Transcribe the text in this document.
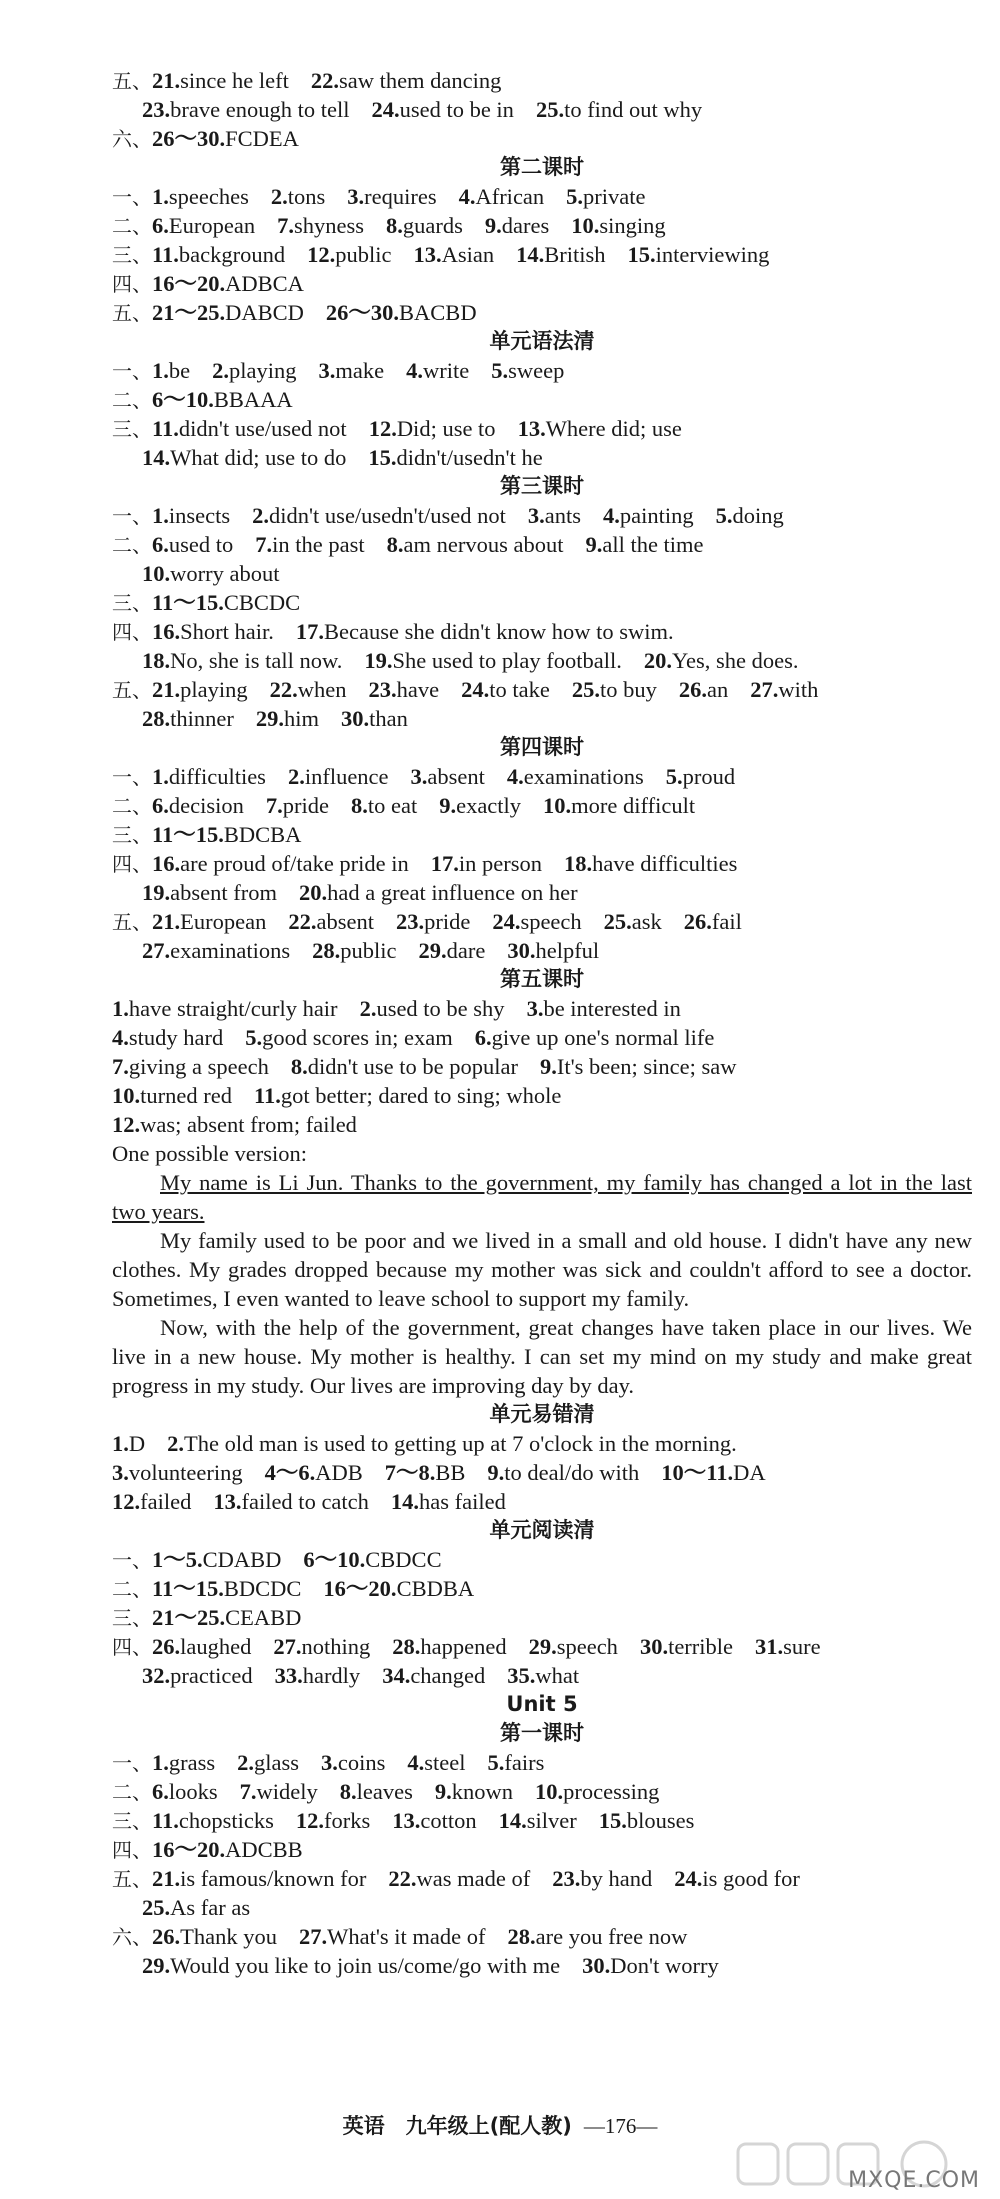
五、21.since he left 22.saw them dancing
23.brave enough to tell 24.used to be in 25.to find out why
六、26～30.FCDEA
第二课时
一、1.speeches 2.tons 3.requires 4.African 5.private
二、6.European 7.shyness 8.guards 9.dares 10.singing
三、11.background 12.public 13.Asian 14.British 15.interviewing
四、16～20.ADBCA
五、21～25.DABCD 26～30.BACBD
单元语法清
一、1.be 2.playing 3.make 4.write 5.sweep
二、6～10.BBAAA
三、11.didn't use/used not 12.Did; use to 13.Where did; use
14.What did; use to do 15.didn't/usedn't he
第三课时
一、1.insects 2.didn't use/usedn't/used not 3.ants 4.painting 5.doing
二、6.used to 7.in the past 8.am nervous about 9.all the time
10.worry about
三、11～15.CBCDC
四、16.Short hair. 17.Because she didn't know how to swim.
18.No, she is tall now. 19.She used to play football. 20.Yes, she does.
五、21.playing 22.when 23.have 24.to take 25.to buy 26.an 27.with
28.thinner 29.him 30.than
第四课时
一、1.difficulties 2.influence 3.absent 4.examinations 5.proud
二、6.decision 7.pride 8.to eat 9.exactly 10.more difficult
三、11～15.BDCBA
四、16.are proud of/take pride in 17.in person 18.have difficulties
19.absent from 20.had a great influence on her
五、21.European 22.absent 23.pride 24.speech 25.ask 26.fail
27.examinations 28.public 29.dare 30.helpful
第五课时
1.have straight/curly hair 2.used to be shy 3.be interested in
4.study hard 5.good scores in; exam 6.give up one's normal life
7.giving a speech 8.didn't use to be popular 9.It's been; since; saw
10.turned red 11.got better; dared to sing; whole
12.was; absent from; failed
One possible version:
My name is Li Jun. Thanks to the government, my family has changed a lot in the last two years.
My family used to be poor and we lived in a small and old house. I didn't have any new clothes. My grades dropped because my mother was sick and couldn't afford to see a doctor. Sometimes, I even wanted to leave school to support my family.
Now, with the help of the government, great changes have taken place in our lives. We live in a new house. My mother is healthy. I can set my mind on my study and make great progress in my study. Our lives are improving day by day.
单元易错清
1.D 2.The old man is used to getting up at 7 o'clock in the morning.
3.volunteering 4～6.ADB 7～8.BB 9.to deal/do with 10～11.DA
12.failed 13.failed to catch 14.has failed
单元阅读清
一、1～5.CDABD 6～10.CBDCC
二、11～15.BDCDC 16～20.CBDBA
三、21～25.CEABD
四、26.laughed 27.nothing 28.happened 29.speech 30.terrible 31.sure
32.practiced 33.hardly 34.changed 35.what
Unit 5
第一课时
一、1.grass 2.glass 3.coins 4.steel 5.fairs
二、6.looks 7.widely 8.leaves 9.known 10.processing
三、11.chopsticks 12.forks 13.cotton 14.silver 15.blouses
四、16～20.ADCBB
五、21.is famous/known for 22.was made of 23.by hand 24.is good for
25.As far as
六、26.Thank you 27.What's it made of 28.are you free now
29.Would you like to join us/come/go with me 30.Don't worry
英语　九年级上(配人教) —176—
MXQE.COM
